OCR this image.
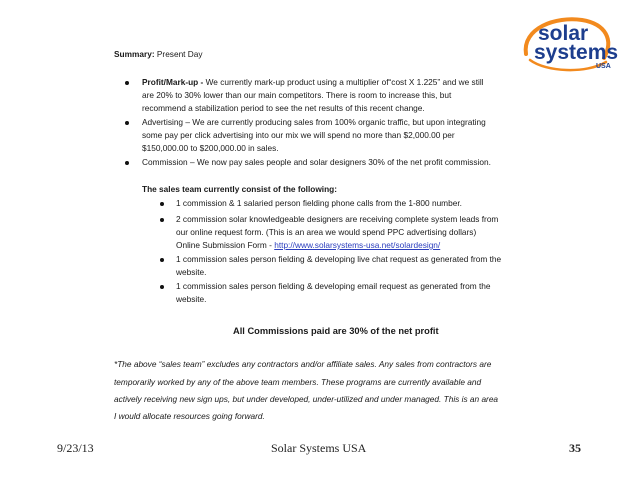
solar
systems
USA
Summary: Present Day
Profit/Mark-up - We currently mark-up product using a multiplier of“cost X 1.225” and we still
are 20% to 30% lower than our main competitors. There is room to increase this, but
recommend a stabilization period to see the net results of this recent change.
Advertising – We are currently producing sales from 100% organic traffic, but upon integrating
some pay per click advertising into our mix we will spend no more than $2,000.00 per
$150,000.00 to $200,000.00 in sales.
Commission – We now pay sales people and solar designers 30% of the net profit commission.
The sales team currently consist of the following:
1 commission & 1 salaried person fielding phone calls from the 1-800 number.
2 commission solar knowledgeable designers are receiving complete system leads from
our online request form. (This is an area we would spend PPC advertising dollars)
Online Submission Form - http://www.solarsystems-usa.net/solardesign/
1 commission sales person fielding & developing live chat request as generated from the
website.
1 commission sales person fielding & developing email request as generated from the
website.
All Commissions paid are 30% of the net profit
*The above “sales team” excludes any contractors and/or affiliate sales. Any sales from contractors are
temporarily worked by any of the above team members. These programs are currently available and
actively receiving new sign ups, but under developed, under-utilized and under managed. This is an area
I would allocate resources going forward.
9/23/13	Solar Systems USA	35
